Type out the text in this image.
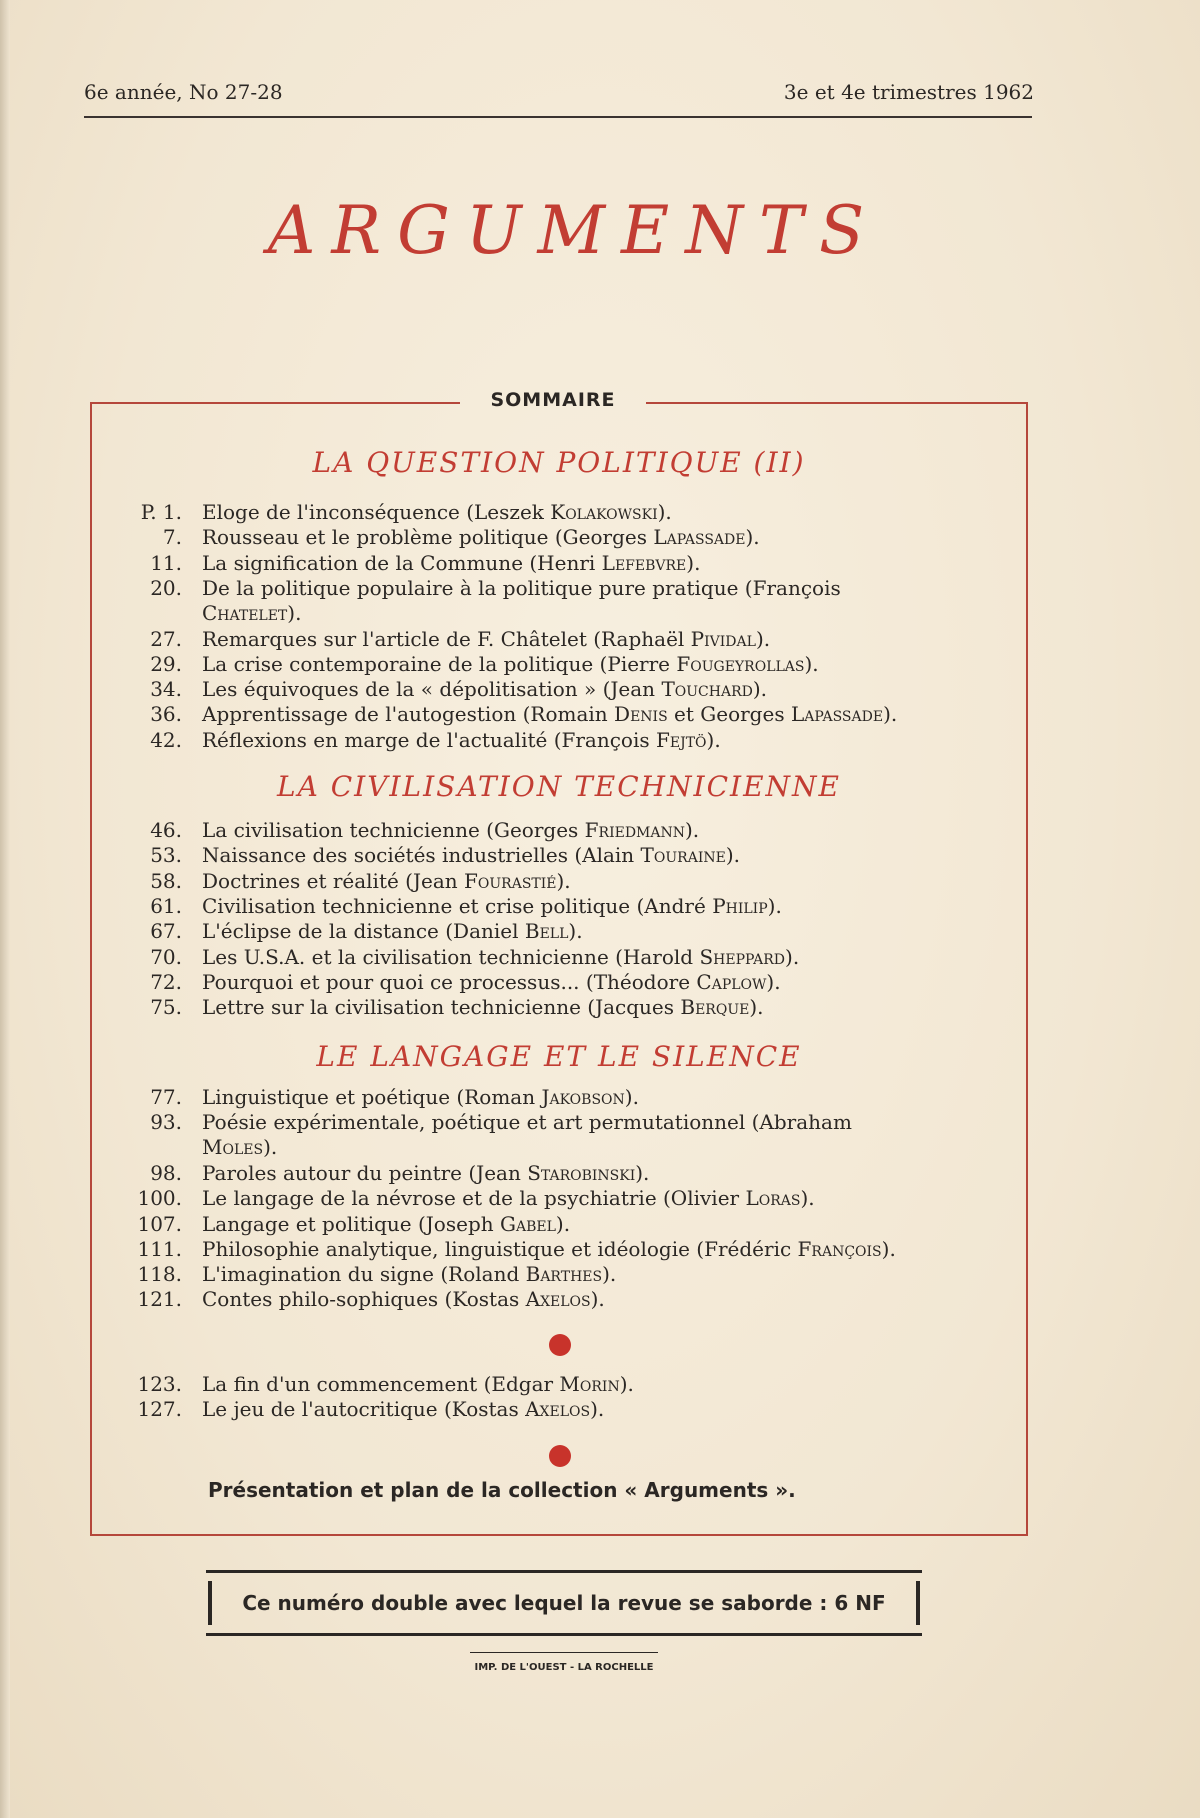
6e année, No 27-28	3e et 4e trimestres 1962
ARGUMENTS
SOMMAIRE
LA QUESTION POLITIQUE (II)
P. 1. Eloge de l'inconséquence (Leszek Kolakowski).
7. Rousseau et le problème politique (Georges Lapassade).
11. La signification de la Commune (Henri Lefebvre).
20. De la politique populaire à la politique pure pratique (François
Chatelet).
27. Remarques sur l'article de F. Châtelet (Raphaël Pividal).
29. La crise contemporaine de la politique (Pierre Fougeyrollas).
34. Les équivoques de la « dépolitisation » (Jean Touchard).
36. Apprentissage de l'autogestion (Romain Denis et Georges Lapassade).
42. Réflexions en marge de l'actualité (François Fejtö).
LA CIVILISATION TECHNICIENNE
46. La civilisation technicienne (Georges Friedmann).
53. Naissance des sociétés industrielles (Alain Touraine).
58. Doctrines et réalité (Jean Fourastié).
61. Civilisation technicienne et crise politique (André Philip).
67. L'éclipse de la distance (Daniel Bell).
70. Les U.S.A. et la civilisation technicienne (Harold Sheppard).
72. Pourquoi et pour quoi ce processus... (Théodore Caplow).
75. Lettre sur la civilisation technicienne (Jacques Berque).
LE LANGAGE ET LE SILENCE
77. Linguistique et poétique (Roman Jakobson).
93. Poésie expérimentale, poétique et art permutationnel (Abraham
Moles).
98. Paroles autour du peintre (Jean Starobinski).
100. Le langage de la névrose et de la psychiatrie (Olivier Loras).
107. Langage et politique (Joseph Gabel).
111. Philosophie analytique, linguistique et idéologie (Frédéric François).
118. L'imagination du signe (Roland Barthes).
121. Contes philo-sophiques (Kostas Axelos).
123. La fin d'un commencement (Edgar Morin).
127. Le jeu de l'autocritique (Kostas Axelos).
Présentation et plan de la collection « Arguments ».
Ce numéro double avec lequel la revue se saborde : 6 NF
IMP. DE L'OUEST - LA ROCHELLE
